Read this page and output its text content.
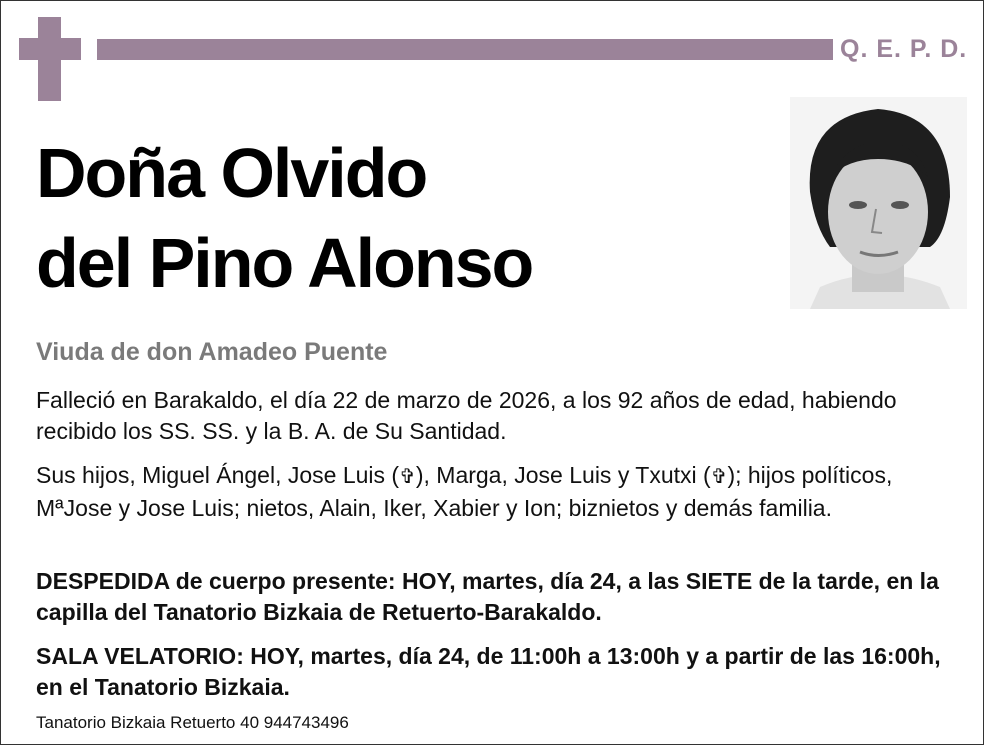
Q. E. P. D.
Doña Olvido
del Pino Alonso
Viuda de don Amadeo Puente
Falleció en Barakaldo, el día 22 de marzo de 2026, a los 92 años de edad, habiendo recibido los SS. SS. y la B. A. de Su Santidad.
Sus hijos, Miguel Ángel, Jose Luis (✞), Marga, Jose Luis y Txutxi (✞); hijos políticos, MªJose y Jose Luis; nietos, Alain, Iker, Xabier y Ion; biznietos y demás familia.
DESPEDIDA de cuerpo presente: HOY, martes, día 24, a las SIETE de la tarde, en la capilla del Tanatorio Bizkaia de Retuerto-Barakaldo.
SALA VELATORIO: HOY, martes, día 24, de 11:00h a 13:00h y a partir de las 16:00h, en el Tanatorio Bizkaia.
Tanatorio Bizkaia Retuerto 40 944743496
